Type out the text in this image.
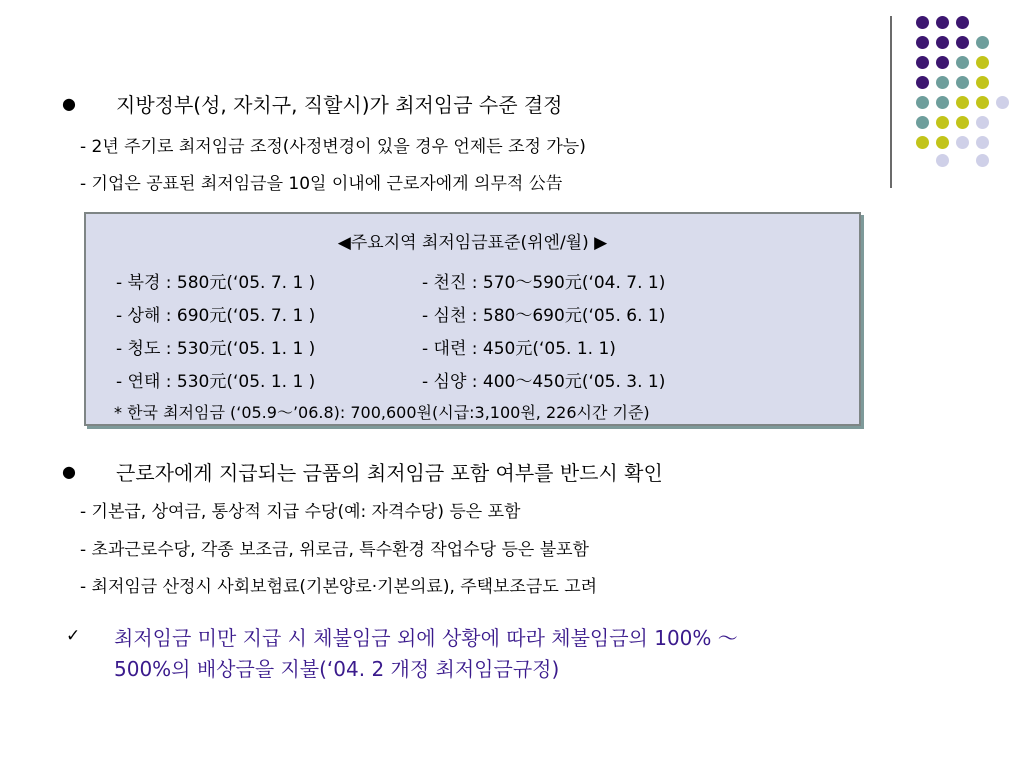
● 지방정부(성, 자치구, 직할시)가 최저임금 수준 결정
- 2년 주기로 최저임금 조정(사정변경이 있을 경우 언제든 조정 가능)
- 기업은 공표된 최저임금을 10일 이내에 근로자에게 의무적 公告
◀주요지역 최저임금표준(위엔/월) ▶
- 북경 : 580元(‘05. 7. 1 )	- 천진 : 570～590元(‘04. 7. 1)
- 상해 : 690元(‘05. 7. 1 )	- 심천 : 580～690元(‘05. 6. 1)
- 청도 : 530元(‘05. 1. 1 )	- 대련 : 450元(‘05. 1. 1)
- 연태 : 530元(‘05. 1. 1 )	- 심양 : 400～450元(‘05. 3. 1)
* 한국 최저임금 (‘05.9～’06.8): 700,600원(시급:3,100원, 226시간 기준)
● 근로자에게 지급되는 금품의 최저임금 포함 여부를 반드시 확인
- 기본급, 상여금, 통상적 지급 수당(예: 자격수당) 등은 포함
- 초과근로수당, 각종 보조금, 위로금, 특수환경 작업수당 등은 불포함
- 최저임금 산정시 사회보험료(기본양로·기본의료), 주택보조금도 고려
✓ 최저임금 미만 지급 시 체불임금 외에 상황에 따라 체불임금의 100% ～
500%의 배상금을 지불(‘04. 2 개정 최저임금규정)
